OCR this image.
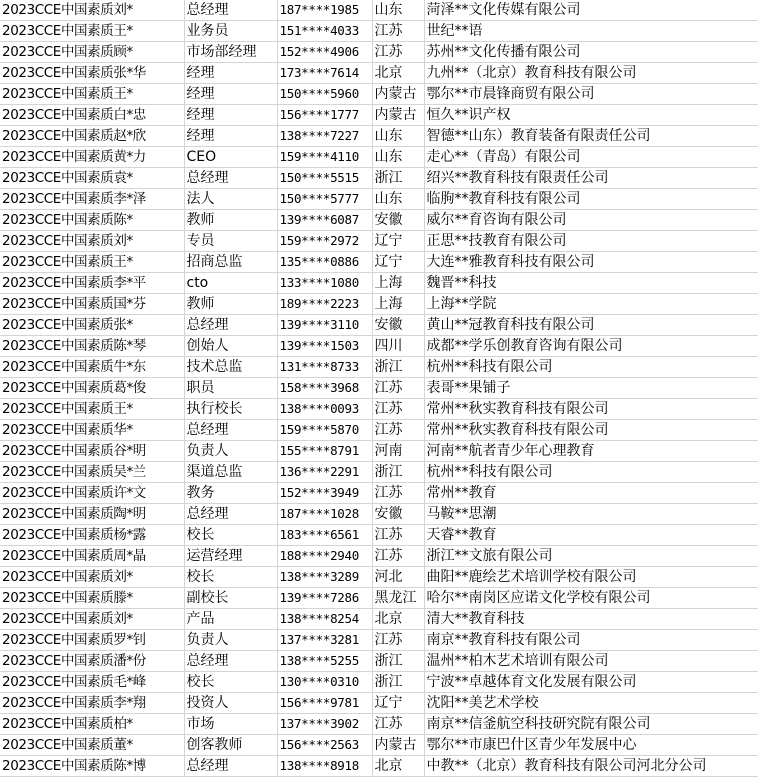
2023CCE中国素质刘*	总经理	187****1985	山东	菏泽**文化传媒有限公司
2023CCE中国素质王*	业务员	151****4033	江苏	世纪**语
2023CCE中国素质顾*	市场部经理	152****4906	江苏	苏州**文化传播有限公司
2023CCE中国素质张*华	经理	173****7614	北京	九州**（北京）教育科技有限公司
2023CCE中国素质王*	经理	150****5960	内蒙古	鄂尔**市晨锋商贸有限公司
2023CCE中国素质白*忠	经理	156****1777	内蒙古	恒久**识产权
2023CCE中国素质赵*欣	经理	138****7227	山东	智德**山东）教育装备有限责任公司
2023CCE中国素质黄*力	CEO	159****4110	山东	走心**（青岛）有限公司
2023CCE中国素质袁*	总经理	150****5515	浙江	绍兴**教育科技有限责任公司
2023CCE中国素质李*泽	法人	150****5777	山东	临朐**教育科技有限公司
2023CCE中国素质陈*	教师	139****6087	安徽	威尔**育咨询有限公司
2023CCE中国素质刘*	专员	159****2972	辽宁	正思**技教育有限公司
2023CCE中国素质王*	招商总监	135****0886	辽宁	大连**雅教育科技有限公司
2023CCE中国素质李*平	cto	133****1080	上海	魏晋**科技
2023CCE中国素质国*芬	教师	189****2223	上海	上海**学院
2023CCE中国素质张*	总经理	139****3110	安徽	黄山**冠教育科技有限公司
2023CCE中国素质陈*琴	创始人	139****1503	四川	成都**学乐创教育咨询有限公司
2023CCE中国素质牛*东	技术总监	131****8733	浙江	杭州**科技有限公司
2023CCE中国素质葛*俊	职员	158****3968	江苏	表哥**果铺子
2023CCE中国素质王*	执行校长	138****0093	江苏	常州**秋实教育科技有限公司
2023CCE中国素质华*	总经理	159****5870	江苏	常州**秋实教育科技有限公司
2023CCE中国素质谷*明	负责人	155****8791	河南	河南**航者青少年心理教育
2023CCE中国素质吴*兰	渠道总监	136****2291	浙江	杭州**科技有限公司
2023CCE中国素质许*文	教务	152****3949	江苏	常州**教育
2023CCE中国素质陶*明	总经理	187****1028	安徽	马鞍**思潮
2023CCE中国素质杨*露	校长	183****6561	江苏	天睿**教育
2023CCE中国素质周*晶	运营经理	188****2940	江苏	浙江**文旅有限公司
2023CCE中国素质刘*	校长	138****3289	河北	曲阳**鹿绘艺术培训学校有限公司
2023CCE中国素质滕*	副校长	139****7286	黑龙江	哈尔**南岗区应诺文化学校有限公司
2023CCE中国素质刘*	产品	138****8254	北京	清大**教育科技
2023CCE中国素质罗*钊	负责人	137****3281	江苏	南京**教育科技有限公司
2023CCE中国素质潘*份	总经理	138****5255	浙江	温州**柏木艺术培训有限公司
2023CCE中国素质毛*峰	校长	130****0310	浙江	宁波**卓越体育文化发展有限公司
2023CCE中国素质李*翔	投资人	156****9781	辽宁	沈阳**美艺术学校
2023CCE中国素质柏*	市场	137****3902	江苏	南京**信釜航空科技研究院有限公司
2023CCE中国素质董*	创客教师	156****2563	内蒙古	鄂尔**市康巴什区青少年发展中心
2023CCE中国素质陈*博	总经理	138****8918	北京	中教**（北京）教育科技有限公司河北分公司
